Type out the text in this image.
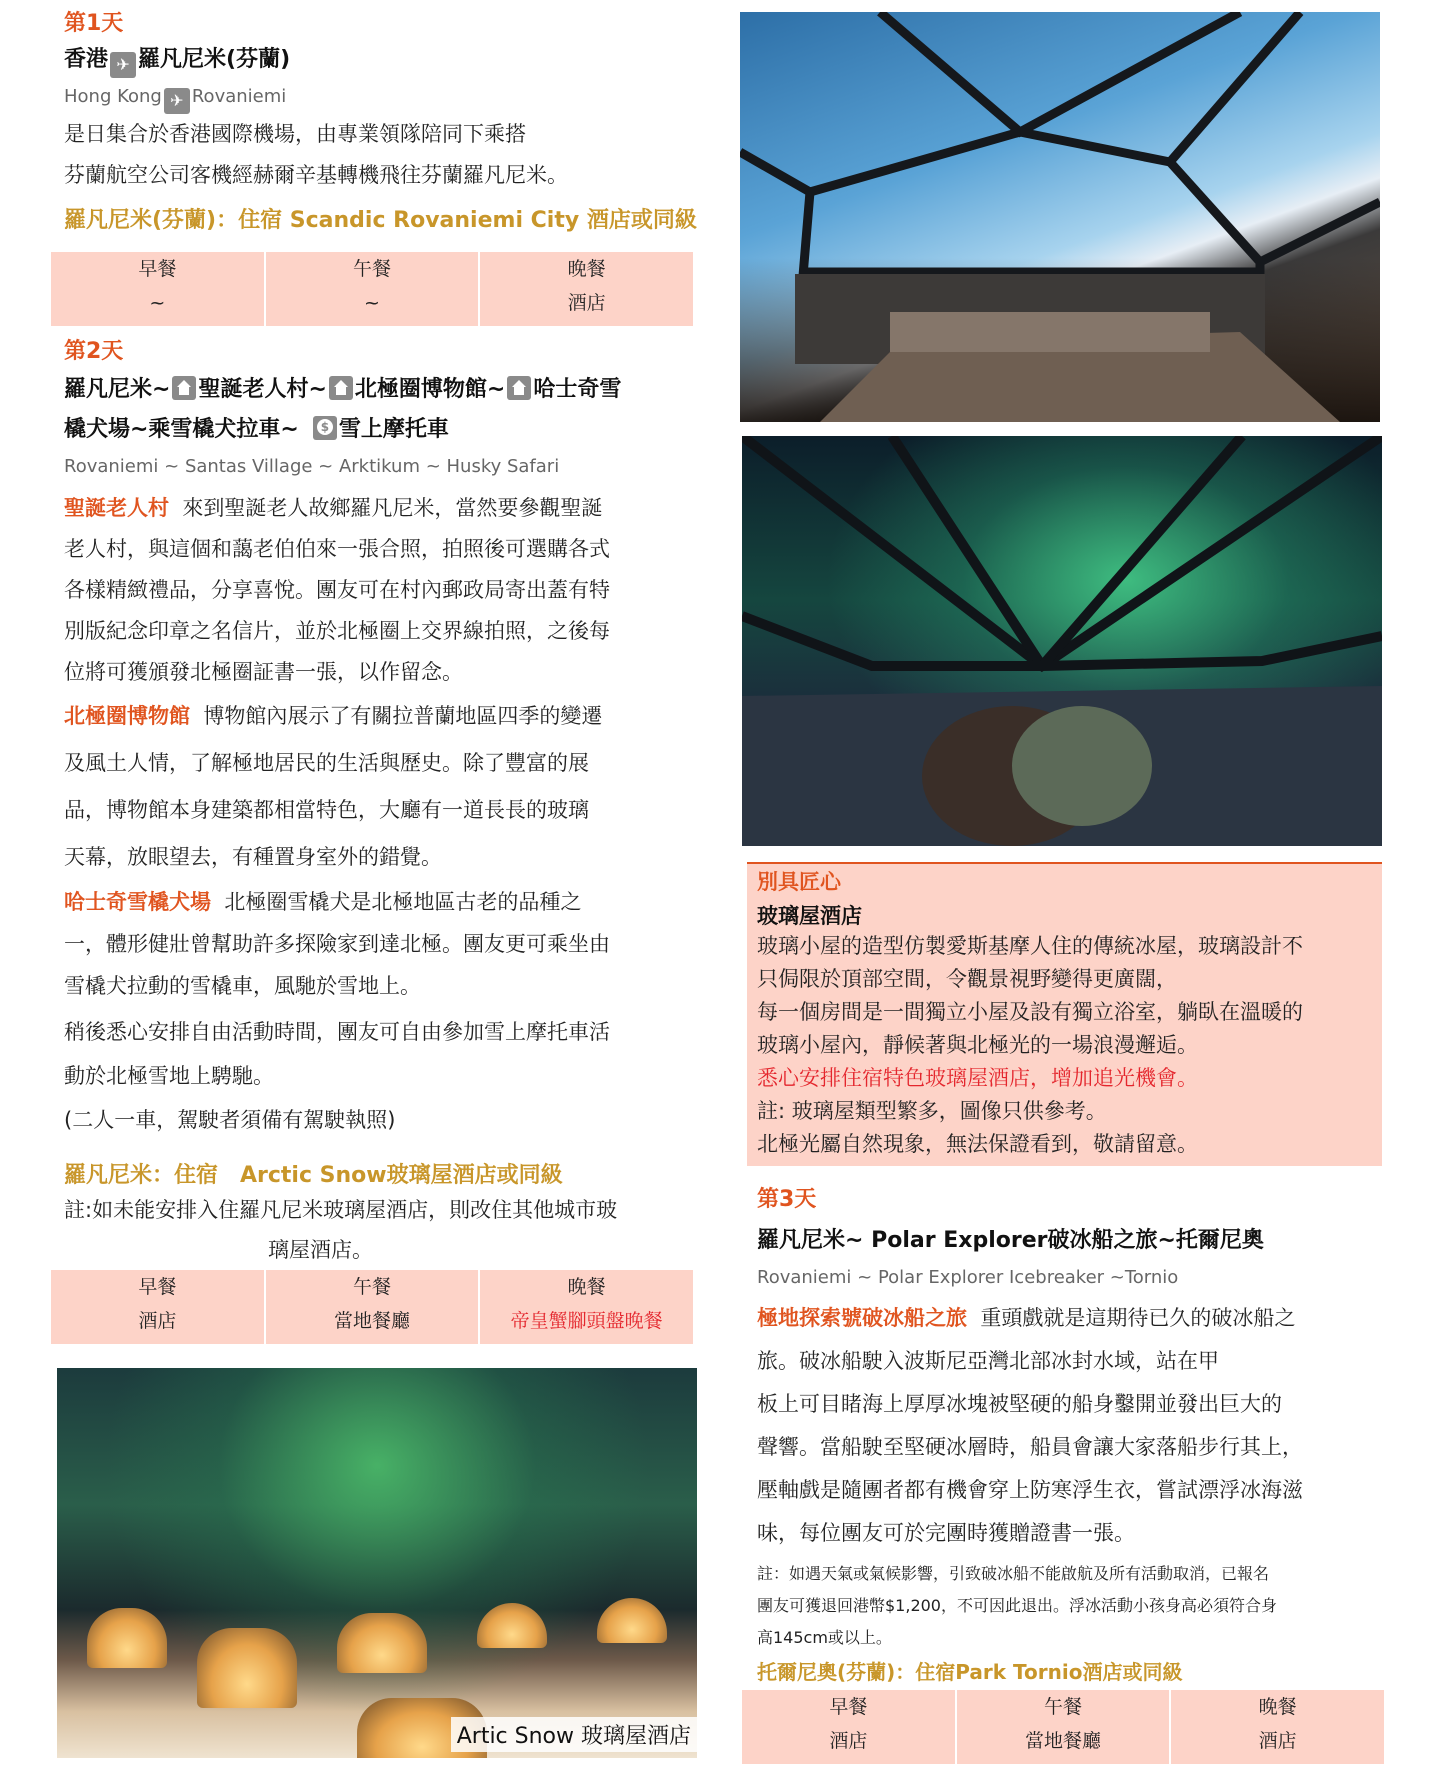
第1天
香港 ✈ 羅凡尼米(芬蘭)
Hong Kong ✈ Rovaniemi
是日集合於香港國際機場，由專業領隊陪同下乘搭
芬蘭航空公司客機經赫爾辛基轉機飛往芬蘭羅凡尼米。
羅凡尼米(芬蘭)：住宿 Scandic Rovaniemi City 酒店或同級
早餐
~
午餐
~
晚餐
酒店
第2天
羅凡尼米~ 聖誕老人村~ 北極圈博物館~ 哈士奇雪
橇犬場~乘雪橇犬拉車~$ 雪上摩托車
Rovaniemi ~ Santas Village ~ Arktikum ~ Husky Safari
聖誕老人村 來到聖誕老人故鄉羅凡尼米，當然要參觀聖誕
老人村，與這個和藹老伯伯來一張合照，拍照後可選購各式
各樣精緻禮品，分享喜悅。團友可在村內郵政局寄出蓋有特
別版紀念印章之名信片，並於北極圈上交界線拍照，之後每
位將可獲頒發北極圈証書一張，以作留念。
北極圈博物館 博物館內展示了有關拉普蘭地區四季的變遷
及風土人情，了解極地居民的生活與歷史。除了豐富的展
品，博物館本身建築都相當特色，大廳有一道長長的玻璃
天幕，放眼望去，有種置身室外的錯覺。
哈士奇雪橇犬場 北極圈雪橇犬是北極地區古老的品種之
一，體形健壯曾幫助許多探險家到達北極。團友更可乘坐由
雪橇犬拉動的雪橇車，風馳於雪地上。
稍後悉心安排自由活動時間，團友可自由參加雪上摩托車活
動於北極雪地上騁馳。
(二人一車，駕駛者須備有駕駛執照)
羅凡尼米：住宿　Arctic Snow玻璃屋酒店或同級
註:如未能安排入住羅凡尼米玻璃屋酒店，則改住其他城市玻
璃屋酒店。
早餐
酒店
午餐
當地餐廳
晚餐
帝皇蟹腳頭盤晚餐
Artic Snow 玻璃屋酒店
別具匠心
玻璃屋酒店
玻璃小屋的造型仿製愛斯基摩人住的傳統冰屋，玻璃設計不
只侷限於頂部空間，令觀景視野變得更廣闊，
每一個房間是一間獨立小屋及設有獨立浴室，躺臥在溫暖的
玻璃小屋內，靜候著與北極光的一場浪漫邂逅。
悉心安排住宿特色玻璃屋酒店，增加追光機會。
註: 玻璃屋類型繁多，圖像只供參考。
北極光屬自然現象，無法保證看到，敬請留意。
第3天
羅凡尼米~ Polar Explorer破冰船之旅~托爾尼奧
Rovaniemi ~ Polar Explorer Icebreaker ~Tornio
極地探索號破冰船之旅 重頭戲就是這期待已久的破冰船之
旅。破冰船駛入波斯尼亞灣北部冰封水域，站在甲
板上可目睹海上厚厚冰塊被堅硬的船身鑿開並發出巨大的
聲響。當船駛至堅硬冰層時，船員會讓大家落船步行其上，
壓軸戲是隨團者都有機會穿上防寒浮生衣，嘗試漂浮冰海滋
味，每位團友可於完團時獲贈證書一張。
註：如遇天氣或氣候影響，引致破冰船不能啟航及所有活動取消，已報名
團友可獲退回港幣$1,200，不可因此退出。浮冰活動小孩身高必須符合身
高145cm或以上。
托爾尼奧(芬蘭)：住宿Park Tornio酒店或同級
早餐
酒店
午餐
當地餐廳
晚餐
酒店
